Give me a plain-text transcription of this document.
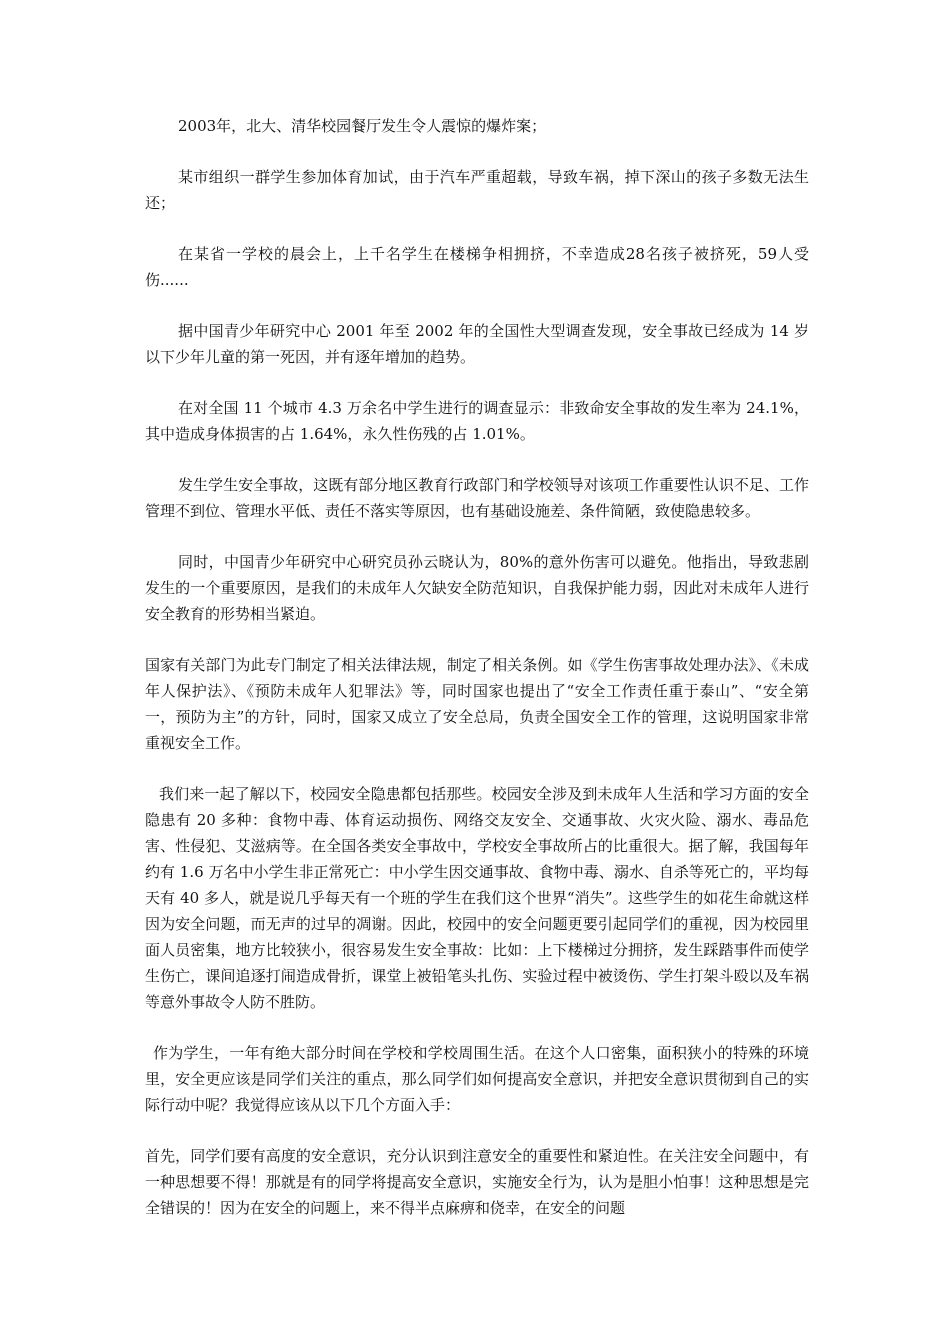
2003年，北大、清华校园餐厅发生令人震惊的爆炸案；

某市组织一群学生参加体育加试，由于汽车严重超载，导致车祸，掉下深山的孩子多数无法生还；

在某省一学校的晨会上，上千名学生在楼梯争相拥挤，不幸造成28名孩子被挤死，59人受伤......

据中国青少年研究中心 2001 年至 2002 年的全国性大型调查发现，安全事故已经成为 14 岁以下少年儿童的第一死因，并有逐年增加的趋势。

在对全国 11 个城市 4.3 万余名中学生进行的调查显示：非致命安全事故的发生率为 24.1%，其中造成身体损害的占 1.64%，永久性伤残的占 1.01%。

发生学生安全事故，这既有部分地区教育行政部门和学校领导对该项工作重要性认识不足、工作管理不到位、管理水平低、责任不落实等原因，也有基础设施差、条件简陋，致使隐患较多。

同时，中国青少年研究中心研究员孙云晓认为，80%的意外伤害可以避免。他指出，导致悲剧发生的一个重要原因，是我们的未成年人欠缺安全防范知识，自我保护能力弱，因此对未成年人进行安全教育的形势相当紧迫。

国家有关部门为此专门制定了相关法律法规，制定了相关条例。如《学生伤害事故处理办法》、《未成年人保护法》、《预防未成年人犯罪法》等，同时国家也提出了“安全工作责任重于泰山”、“安全第一，预防为主”的方针，同时，国家又成立了安全总局，负责全国安全工作的管理，这说明国家非常重视安全工作。

我们来一起了解以下，校园安全隐患都包括那些。校园安全涉及到未成年人生活和学习方面的安全隐患有 20 多种：食物中毒、体育运动损伤、网络交友安全、交通事故、火灾火险、溺水、毒品危害、性侵犯、艾滋病等。在全国各类安全事故中，学校安全事故所占的比重很大。据了解，我国每年约有 1.6 万名中小学生非正常死亡：中小学生因交通事故、食物中毒、溺水、自杀等死亡的，平均每天有 40 多人，就是说几乎每天有一个班的学生在我们这个世界“消失”。这些学生的如花生命就这样因为安全问题，而无声的过早的凋谢。因此，校园中的安全问题更要引起同学们的重视，因为校园里面人员密集，地方比较狭小，很容易发生安全事故：比如：上下楼梯过分拥挤，发生踩踏事件而使学生伤亡，课间追逐打闹造成骨折，课堂上被铅笔头扎伤、实验过程中被烫伤、学生打架斗殴以及车祸等意外事故令人防不胜防。

作为学生，一年有绝大部分时间在学校和学校周围生活。在这个人口密集，面积狭小的特殊的环境里，安全更应该是同学们关注的重点，那么同学们如何提高安全意识，并把安全意识贯彻到自己的实际行动中呢？我觉得应该从以下几个方面入手：

首先，同学们要有高度的安全意识，充分认识到注意安全的重要性和紧迫性。在关注安全问题中，有一种思想要不得！那就是有的同学将提高安全意识，实施安全行为，认为是胆小怕事！这种思想是完全错误的！因为在安全的问题上，来不得半点麻痹和侥幸，在安全的问题
